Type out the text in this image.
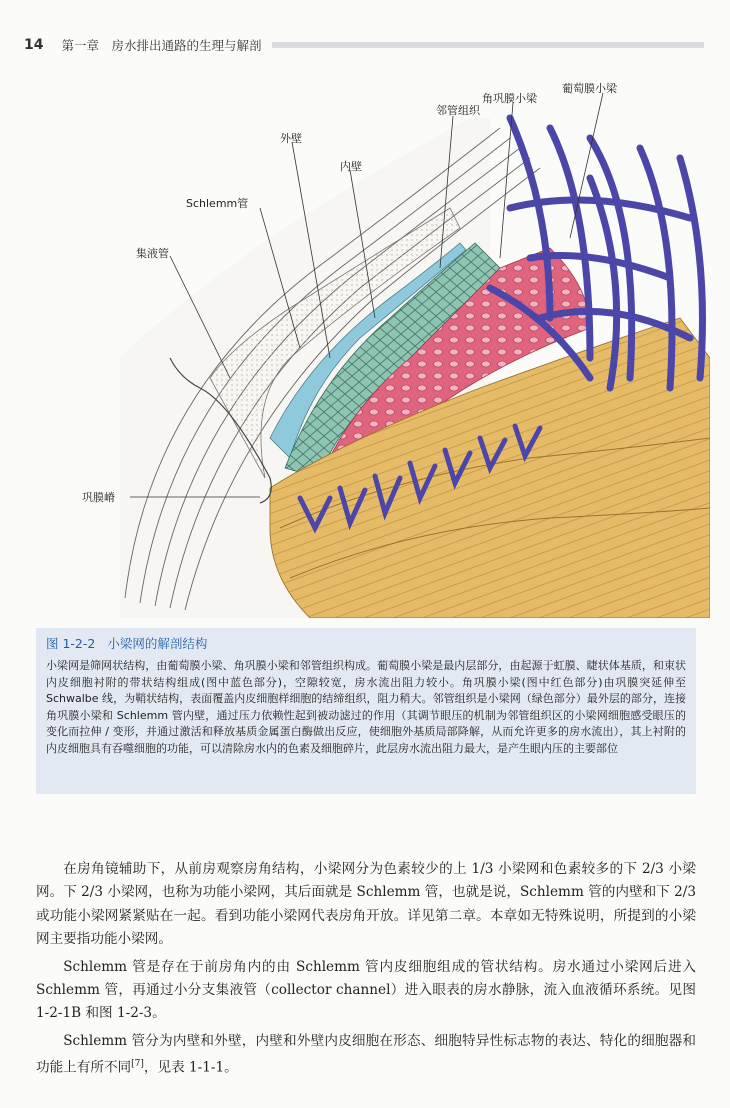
14 第一章　房水排出通路的生理与解剖
葡萄膜小梁
角巩膜小梁
邻管组织
外壁
内壁
Schlemm管
集液管
巩膜嵴
图 1-2-2 小梁网的解剖结构
小梁网是筛网状结构，由葡萄膜小梁、角巩膜小梁和邻管组织构成。葡萄膜小梁是最内层部分，由起源于虹膜、睫状体基质，和束状内皮细胞衬附的带状结构组成(图中蓝色部分)，空隙较宽，房水流出阻力较小。角巩膜小梁(图中红色部分)由巩膜突延伸至 Schwalbe 线，为鞘状结构，表面覆盖内皮细胞样细胞的结缔组织，阻力稍大。邻管组织是小梁网（绿色部分）最外层的部分，连接角巩膜小梁和 Schlemm 管内壁，通过压力依赖性起到被动滤过的作用（其调节眼压的机制为邻管组织区的小梁网细胞感受眼压的变化而拉伸 / 变形，并通过激活和释放基质金属蛋白酶做出反应，使细胞外基质局部降解，从而允许更多的房水流出），其上衬附的内皮细胞具有吞噬细胞的功能，可以清除房水内的色素及细胞碎片，此层房水流出阻力最大，是产生眼内压的主要部位

在房角镜辅助下，从前房观察房角结构，小梁网分为色素较少的上 1/3 小梁网和色素较多的下 2/3 小梁网。下 2/3 小梁网，也称为功能小梁网，其后面就是 Schlemm 管，也就是说，Schlemm 管的内壁和下 2/3 或功能小梁网紧紧贴在一起。看到功能小梁网代表房角开放。详见第二章。本章如无特殊说明，所提到的小梁网主要指功能小梁网。

Schlemm 管是存在于前房角内的由 Schlemm 管内皮细胞组成的管状结构。房水通过小梁网后进入 Schlemm 管，再通过小分支集液管（collector channel）进入眼表的房水静脉，流入血液循环系统。见图 1-2-1B 和图 1-2-3。

Schlemm 管分为内壁和外壁，内壁和外壁内皮细胞在形态、细胞特异性标志物的表达、特化的细胞器和功能上有所不同[7]，见表 1-1-1。
